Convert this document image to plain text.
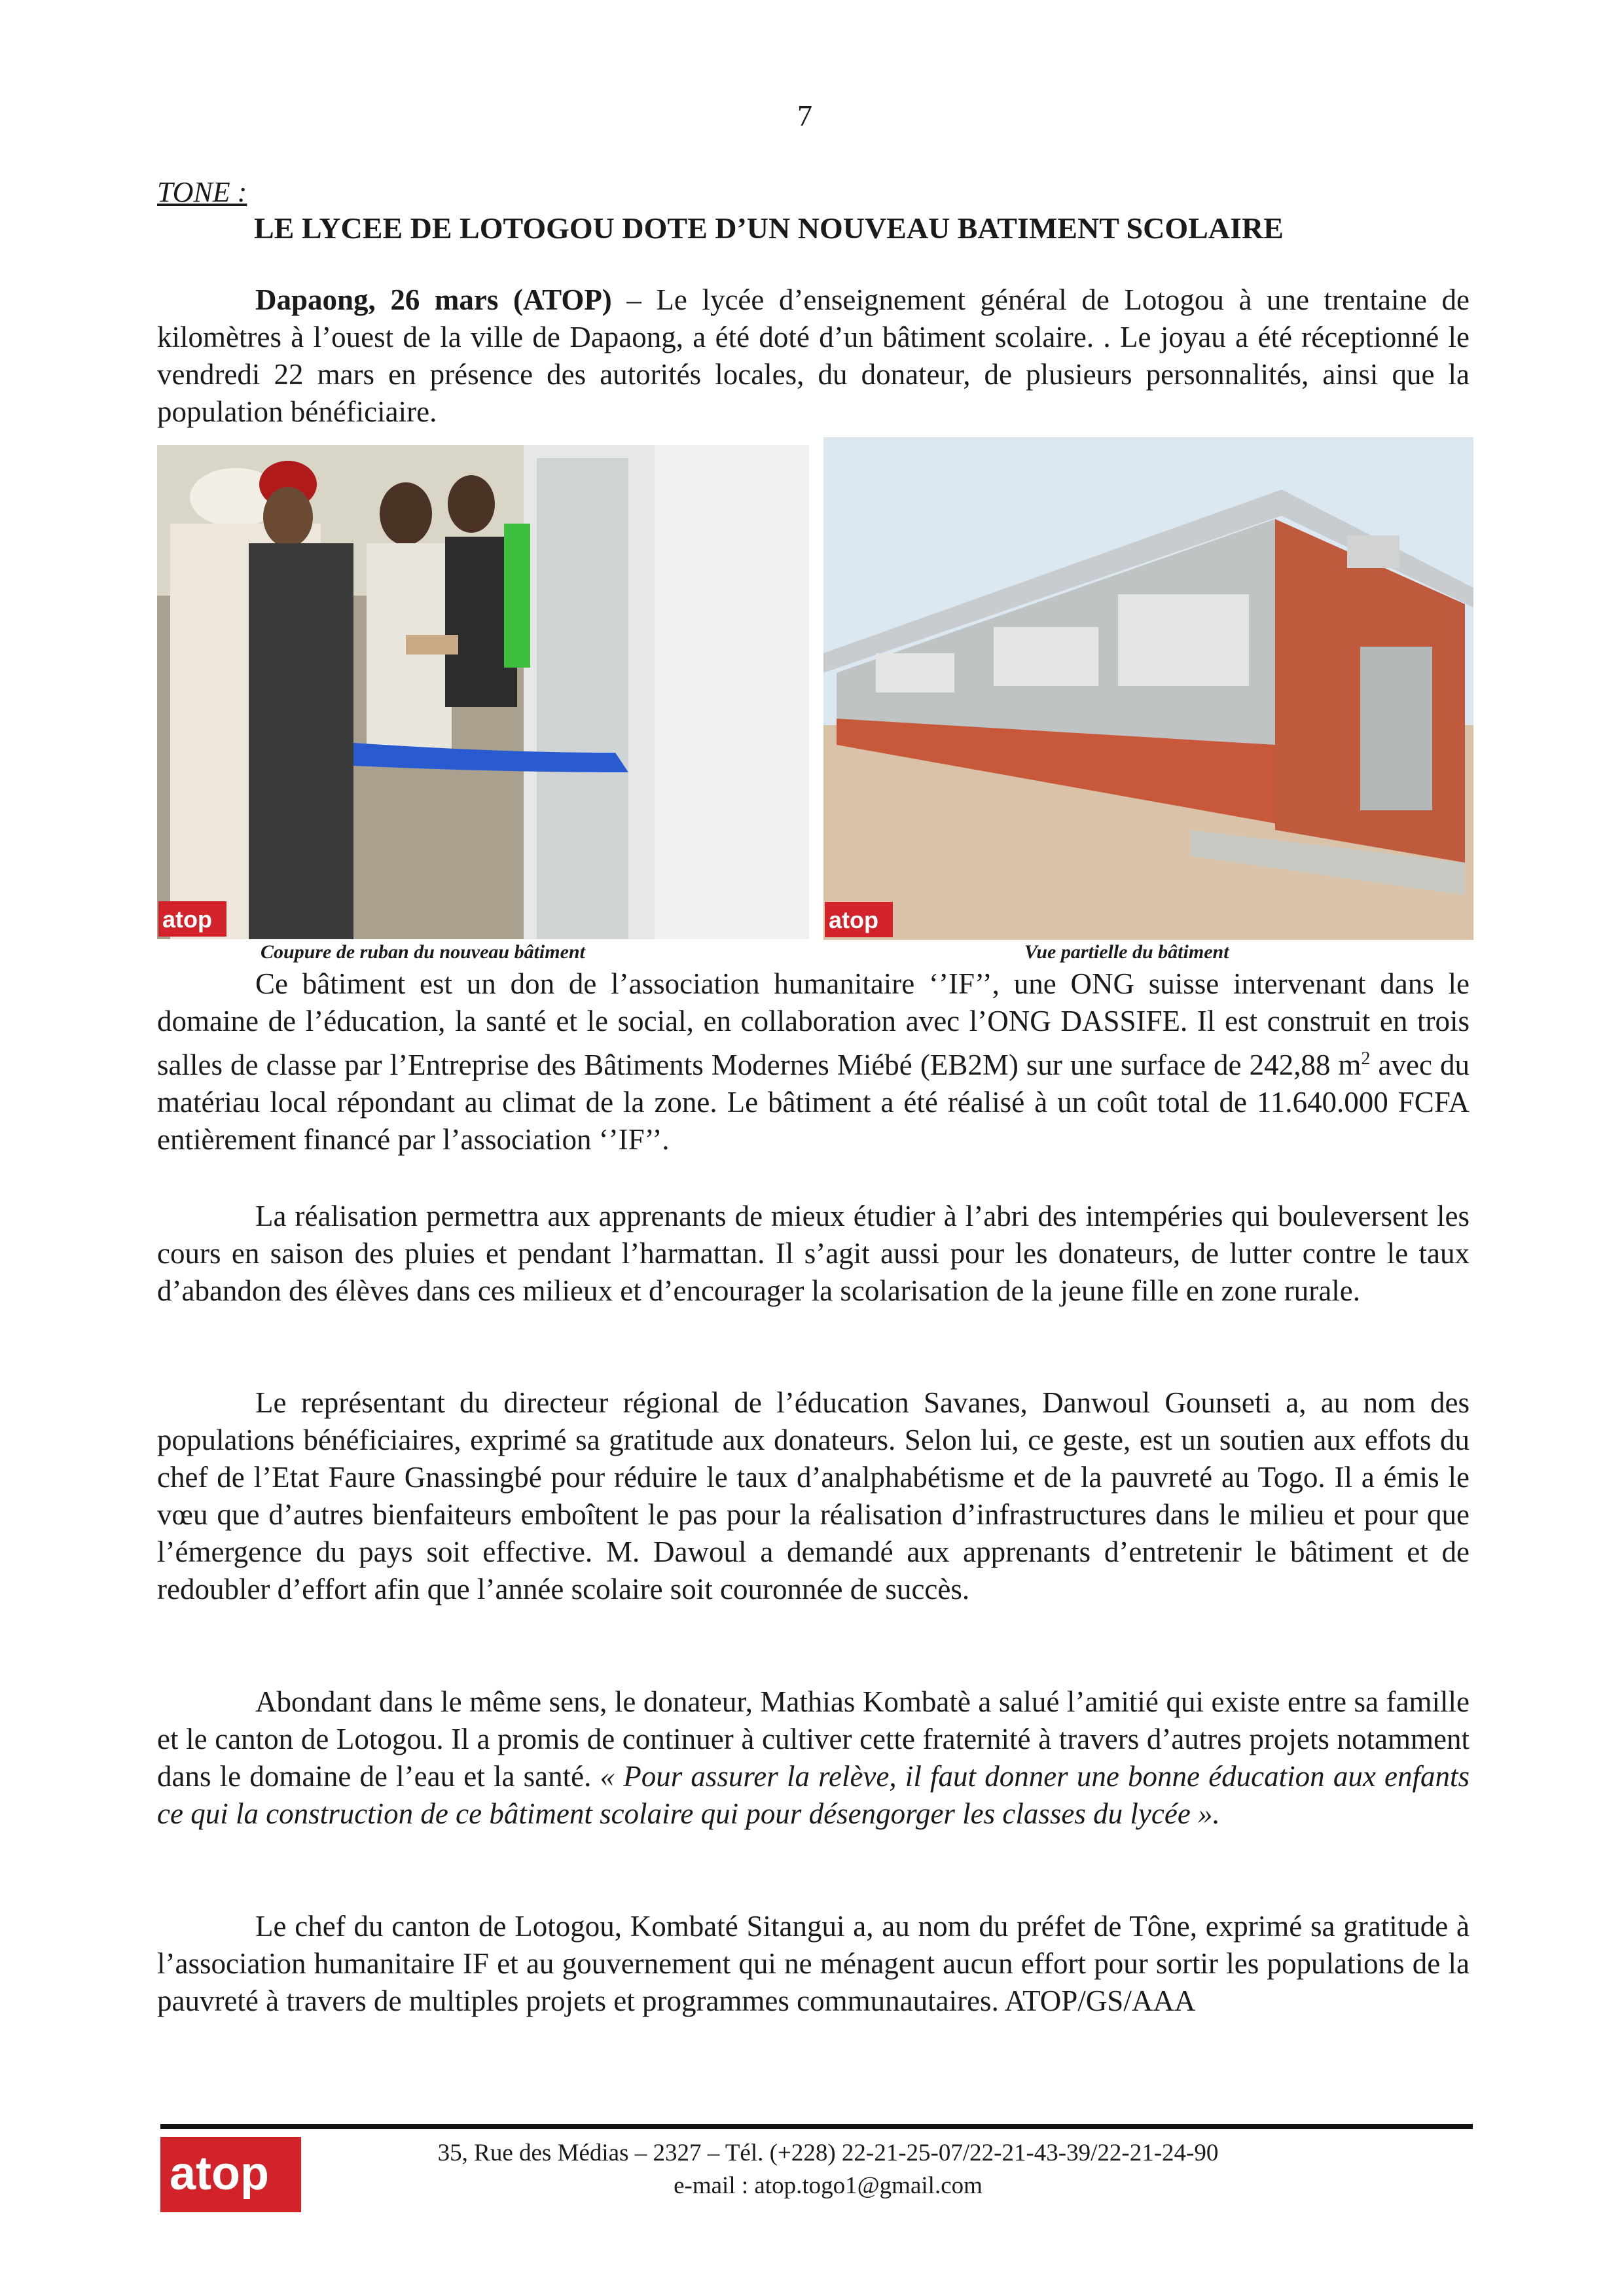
7
TONE :
LE LYCEE DE LOTOGOU DOTE D’UN NOUVEAU BATIMENT SCOLAIRE

Dapaong, 26 mars (ATOP) – Le lycée d’enseignement général de Lotogou à une trentaine de kilomètres à l’ouest de la ville de Dapaong, a été doté d’un bâtiment scolaire. . Le joyau a été réceptionné le vendredi 22 mars en présence des autorités locales, du donateur, de plusieurs personnalités, ainsi que la population bénéficiaire.

atop
Coupure de ruban du nouveau bâtiment
atop
Vue partielle du bâtiment

Ce bâtiment est un don de l’association humanitaire ‘’IF’’, une ONG suisse intervenant dans le domaine de l’éducation, la santé et le social, en collaboration avec l’ONG DASSIFE. Il est construit en trois salles de classe par l’Entreprise des Bâtiments Modernes Miébé (EB2M) sur une surface de 242,88 $m^2$ avec du matériau local répondant au climat de la zone. Le bâtiment a été réalisé à un coût total de 11.640.000 FCFA entièrement financé par l’association ‘’IF’’.

La réalisation permettra aux apprenants de mieux étudier à l’abri des intempéries qui bouleversent les cours en saison des pluies et pendant l’harmattan. Il s’agit aussi pour les donateurs, de lutter contre le taux d’abandon des élèves dans ces milieux et d’encourager la scolarisation de la jeune fille en zone rurale.

Le représentant du directeur régional de l’éducation Savanes, Danwoul Gounseti a, au nom des populations bénéficiaires, exprimé sa gratitude aux donateurs. Selon lui, ce geste, est un soutien aux effots du chef de l’Etat Faure Gnassingbé pour réduire le taux d’analphabétisme et de la pauvreté au Togo. Il a émis le vœu que d’autres bienfaiteurs emboîtent le pas pour la réalisation d’infrastructures dans le milieu et pour que l’émergence du pays soit effective. M. Dawoul a demandé aux apprenants d’entretenir le bâtiment et de redoubler d’effort afin que l’année scolaire soit couronnée de succès.

Abondant dans le même sens, le donateur, Mathias Kombatè a salué l’amitié qui existe entre sa famille et le canton de Lotogou. Il a promis de continuer à cultiver cette fraternité à travers d’autres projets notamment dans le domaine de l’eau et la santé. « Pour assurer la relève, il faut donner une bonne éducation aux enfants ce qui la construction de ce bâtiment scolaire qui pour désengorger les classes du lycée ».

Le chef du canton de Lotogou, Kombaté Sitangui a, au nom du préfet de Tône, exprimé sa gratitude à l’association humanitaire IF et au gouvernement qui ne ménagent aucun effort pour sortir les populations de la pauvreté à travers de multiples projets et programmes communautaires. ATOP/GS/AAA

atop	35, Rue des Médias – 2327 – Tél. (+228) 22-21-25-07/22-21-43-39/22-21-24-90
e-mail : atop.togo1@gmail.com
